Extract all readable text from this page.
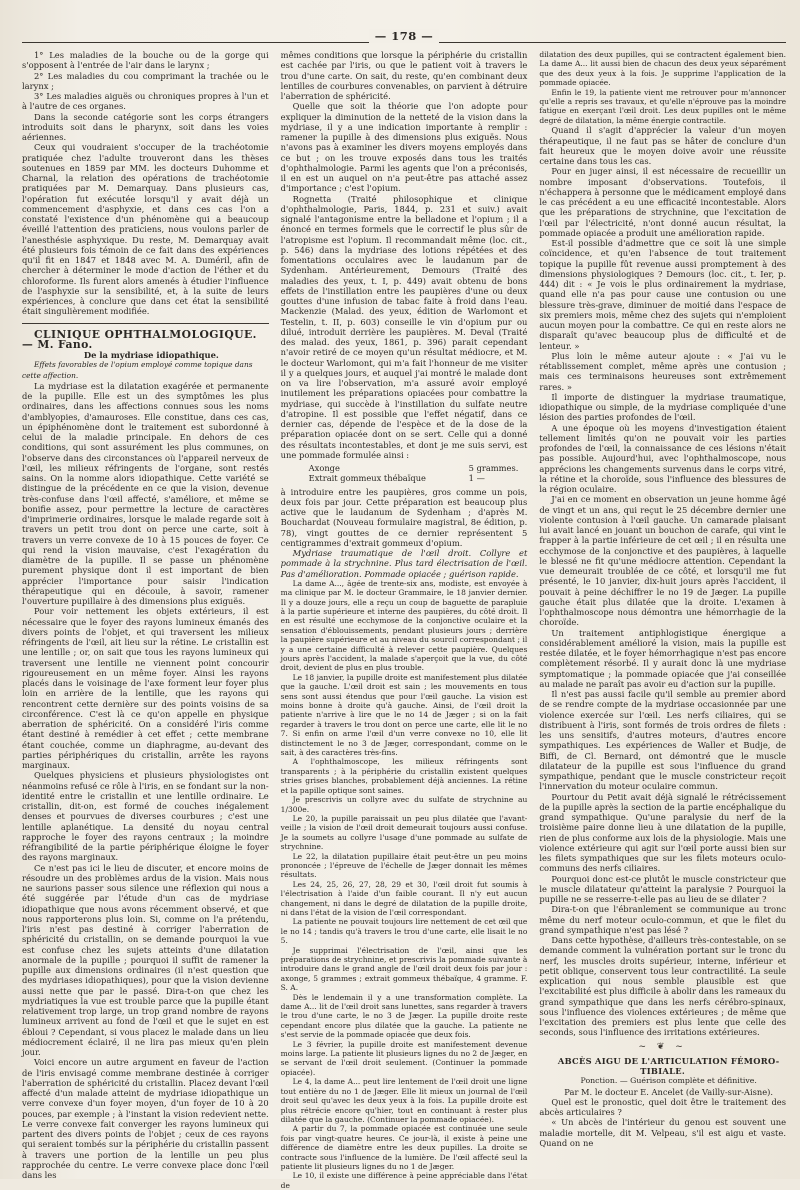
— 178 —

1° Les maladies de la bouche ou de la gorge qui s'opposent à l'entrée de l'air dans le larynx ;

2° Les maladies du cou comprimant la trachée ou le larynx ;

3° Les maladies aiguës ou chroniques propres à l'un et à l'autre de ces organes.

Dans la seconde catégorie sont les corps étrangers introduits soit dans le pharynx, soit dans les voies aériennes.

Ceux qui voudraient s'occuper de la trachéotomie pratiquée chez l'adulte trouveront dans les thèses soutenues en 1859 par MM. les docteurs Duhomme et Charnal, la relation des opérations de trachéotomie pratiquées par M. Demarquay. Dans plusieurs cas, l'opération fut exécutée lorsqu'il y avait déjà un commencement d'asphyxie, et dans ces cas l'on a constaté l'existence d'un phénomène qui a beaucoup éveillé l'attention des praticiens, nous voulons parler de l'anesthésie asphyxique. Du reste, M. Demarquay avait été plusieurs fois témoin de ce fait dans des expériences qu'il fit en 1847 et 1848 avec M. A. Duméril, afin de chercher à déterminer le mode d'action de l'éther et du chloroforme. Ils furent alors amenés à étudier l'influence de l'asphyxie sur la sensibilité, et, à la suite de leurs expériences, à conclure que dans cet état la sensibilité était singulièrement modifiée.

CLINIQUE OPHTHALMOLOGIQUE. — M. Fano.

De la mydriase idiopathique.

Effets favorables de l'opium employé comme topique dans cette affection.

La mydriase est la dilatation exagérée et permanente de la pupille. Elle est un des symptômes les plus ordinaires, dans les affections connues sous les noms d'amblyopies, d'amauroses. Elle constitue, dans ces cas, un épiphénomène dont le traitement est subordonné à celui de la maladie principale. En dehors de ces conditions, qui sont assurément les plus communes, on l'observe dans des circonstances où l'appareil nerveux de l'œil, les milieux réfringents de l'organe, sont restés sains. On la nomme alors idiopathique. Cette variété se distingue de la précédente en ce que la vision, devenue très-confuse dans l'œil affecté, s'améliore, et même se bonifie assez, pour permettre la lecture de caractères d'imprimerie ordinaires, lorsque le malade regarde soit à travers un petit trou dont on perce une carte, soit à travers un verre convexe de 10 à 15 pouces de foyer. Ce qui rend la vision mauvaise, c'est l'exagération du diamètre de la pupille. Il se passe un phénomène purement physique dont il est important de bien apprécier l'importance pour saisir l'indication thérapeutique qui en découle, à savoir, ramener l'ouverture pupillaire à des dimensions plus exiguës.

Pour voir nettement les objets extérieurs, il est nécessaire que le foyer des rayons lumineux émanés des divers points de l'objet, et qui traversent les milieux réfringents de l'œil, ait lieu sur la rétine. Le cristallin est une lentille ; or, on sait que tous les rayons lumineux qui traversent une lentille ne viennent point concourir rigoureusement en un même foyer. Ainsi les rayons placés dans le voisinage de l'axe forment leur foyer plus loin en arrière de la lentille, que les rayons qui rencontrent cette dernière sur des points voisins de sa circonférence. C'est là ce qu'on appelle en physique aberration de sphéricité. On a considéré l'iris comme étant destiné à remédier à cet effet ; cette membrane étant couchée, comme un diaphragme, au-devant des parties périphériques du cristallin, arrête les rayons marginaux.

Quelques physiciens et plusieurs physiologistes ont néanmoins refusé ce rôle à l'iris, en se fondant sur la non-identité entre le cristallin et une lentille ordinaire. Le cristallin, dit-on, est formé de couches inégalement denses et pourvues de diverses courbures ; c'est une lentille aplanétique. La densité du noyau central rapproche le foyer des rayons centraux ; la moindre réfrangibilité de la partie périphérique éloigne le foyer des rayons marginaux.

Ce n'est pas ici le lieu de discuter, et encore moins de résoudre un des problèmes ardus de la vision. Mais nous ne saurions passer sous silence une réflexion qui nous a été suggérée par l'étude d'un cas de mydriase idiopathique que nous avons récemment observé, et que nous rapporterons plus loin. Si, comme on l'a prétendu, l'iris n'est pas destiné à corriger l'aberration de sphéricité du cristallin, on se demande pourquoi la vue est confuse chez les sujets atteints d'une dilatation anormale de la pupille ; pourquoi il suffit de ramener la pupille aux dimensions ordinaires (il n'est question que des mydriases idiopathiques), pour que la vision devienne aussi nette que par le passé. Dira-t-on que chez les mydriatiques la vue est trouble parce que la pupille étant relativement trop large, un trop grand nombre de rayons lumineux arrivent au fond de l'œil et que le sujet en est ébloui ? Cependant, si vous placez le malade dans un lieu médiocrement éclairé, il ne lira pas mieux qu'en plein jour.

Voici encore un autre argument en faveur de l'action de l'iris envisagé comme membrane destinée à corriger l'aberration de sphéricité du cristallin. Placez devant l'œil affecté d'un malade atteint de mydriase idiopathique un verre convexe d'un foyer moyen, d'un foyer de 10 à 20 pouces, par exemple ; à l'instant la vision redevient nette. Le verre convexe fait converger les rayons lumineux qui partent des divers points de l'objet ; ceux de ces rayons qui seraient tombés sur la périphérie du cristallin passent à travers une portion de la lentille un peu plus rapprochée du centre. Le verre convexe place donc l'œil dans les

mêmes conditions que lorsque la périphérie du cristallin est cachée par l'iris, ou que le patient voit à travers le trou d'une carte. On sait, du reste, qu'en combinant deux lentilles de courbures convenables, on parvient à détruire l'aberration de sphéricité.

Quelle que soit la théorie que l'on adopte pour expliquer la diminution de la netteté de la vision dans la mydriase, il y a une indication importante à remplir : ramener la pupille à des dimensions plus exiguës. Nous n'avons pas à examiner les divers moyens employés dans ce but ; on les trouve exposés dans tous les traités d'ophthalmologie. Parmi les agents que l'on a préconisés, il en est un auquel on n'a peut-être pas attaché assez d'importance ; c'est l'opium.

Rognetta (Traité philosophique et clinique d'ophthalmologie, Paris, 1844, p. 231 et suiv.) avait signalé l'antagonisme entre la belladone et l'opium ; il a énoncé en termes formels que le correctif le plus sûr de l'atropisme est l'opium. Il recommandait même (loc. cit., p. 546) dans la mydriase des lotions répétées et des fomentations occulaires avec le laudanum par de Sydenham. Antérieurement, Demours (Traité des maladies des yeux, t. I, p. 449) avait obtenu de bons effets de l'instillation entre les paupières d'une ou deux gouttes d'une infusion de tabac faite à froid dans l'eau. Mackenzie (Malad. des yeux, édition de Warlomont et Testelin, t. II, p. 603) conseille le vin d'opium pur ou dilué, introduit derrière les paupières. M. Deval (Traité des malad. des yeux, 1861, p. 396) parait cependant n'avoir retiré de ce moyen qu'un résultat médiocre, et M. le docteur Warlomont, qui m'a fait l'honneur de me visiter il y a quelques jours, et auquel j'ai montré le malade dont on va lire l'observation, m'a assuré avoir employé inutilement les préparations opiacées pour combattre la mydriase, qui succède à l'instillation du sulfate neutre d'atropine. Il est possible que l'effet négatif, dans ce dernier cas, dépende de l'espèce et de la dose de la préparation opiacée dont on se sert. Celle qui a donné des résultats incontestables, et dont je me suis servi, est une pommade formulée ainsi :

Axonge	5 grammes.
Extrait gommeux thébaïque	1 —

à introduire entre les paupières, gros comme un pois, deux fois par jour. Cette préparation est beaucoup plus active que le laudanum de Sydenham ; d'après M. Bouchardat (Nouveau formulaire magistral, 8e édition, p. 78), vingt gouttes de ce dernier représentent 5 centigrammes d'extrait gommeux d'opium.

Mydriase traumatique de l'œil droit. Collyre et pommade à la strychnine. Plus tard électrisation de l'œil. Pas d'amélioration. Pommade opiacée ; guérison rapide.

La dame A..., âgée de trente-six ans, modiste, est envoyée à ma clinique par M. le docteur Grammaire, le 18 janvier dernier. Il y a douze jours, elle a reçu un coup de baguette de parapluie à la partie supérieure et interne des paupières, du côté droit. Il en est résulté une ecchymose de la conjonctive oculaire et la sensation d'éblouissements, pendant plusieurs jours ; derrière la paupière supérieure et au niveau du sourcil correspondant ; il y a une certaine difficulté à relever cette paupière. Quelques jours après l'accident, la malade s'aperçoit que la vue, du côté droit, devient de plus en plus trouble.

Le 18 janvier, la pupille droite est manifestement plus dilatée que la gauche. L'œil droit est sain ; les mouvements en tous sens sont aussi étendus que pour l'œil gauche. La vision est moins bonne à droite qu'à gauche. Ainsi, de l'œil droit la patiente n'arrive à lire que le no 14 de Jæger ; si on la fait regarder à travers le trou dont on perce une carte, elle lit le no 7. Si enfin on arme l'œil d'un verre convexe no 10, elle lit distinctement le no 3 de Jæger, correspondant, comme on le sait, à des caractères très-fins.

A l'ophthalmoscope, les milieux réfringents sont transparents ; à la périphérie du cristallin existent quelques stries grises blanches, probablement déjà anciennes. La rétine et la papille optique sont saines.

Je prescrivis un collyre avec du sulfate de strychnine au 1/300e.

Le 20, la pupille paraissait un peu plus dilatée que l'avant-veille ; la vision de l'œil droit demeurait toujours aussi confuse. Je la soumets au collyre l'usage d'une pommade au sulfate de strychnine.

Le 22, la dilatation pupillaire était peut-être un peu moins prononcée ; l'épreuve de l'échelle de Jæger donnait les mêmes résultats.

Les 24, 25, 26, 27, 28, 29 et 30, l'œil droit fut soumis à l'électrisation à l'aide d'un faible courant. Il n'y eut aucun changement, ni dans le degré de dilatation de la pupille droite, ni dans l'état de la vision de l'œil correspondant.

La patiente ne pouvait toujours lire nettement de cet œil que le no 14 ; tandis qu'à travers le trou d'une carte, elle lisait le no 5.

Je supprimai l'électrisation de l'œil, ainsi que les préparations de strychnine, et prescrivis la pommade suivante à introduire dans le grand angle de l'œil droit deux fois par jour : axonge, 5 grammes ; extrait gommeux thébaïque, 4 gramme. F. S. A.

Dès le lendemain il y a une transformation complète. La dame A... lit de l'œil droit sans lunettes, sans regarder à travers le trou d'une carte, le no 3 de Jæger. La pupille droite reste cependant encore plus dilatée que la gauche. La patiente ne s'est servie de la pommade opiacée que deux fois.

Le 3 février, la pupille droite est manifestement devenue moins large. La patiente lit plusieurs lignes du no 2 de Jæger, en se servant de l'œil droit seulement. (Continuer la pommade opiacée).

Le 4, la dame A... peut lire lentement de l'œil droit une ligne tout entière du no 1 de Jæger. Elle lit mieux un journal de l'œil droit seul qu'avec les deux yeux à la fois. La pupille droite est plus rétrécie encore qu'hier, tout en continuant à rester plus dilatée que la gauche. (Continuer la pommade opiacée).

A partir du 7, la pommade opiacée est continuée une seule fois par vingt-quatre heures. Ce jour-là, il existe à peine une différence de diamètre entre les deux pupilles. La droite se contracte sous l'influence de la lumière. De l'œil affecté seul la patiente lit plusieurs lignes du no 1 de Jæger.

Le 10, il existe une différence à peine appréciable dans l'état de

dilatation des deux pupilles, qui se contractent également bien. La dame A... lit aussi bien de chacun des deux yeux séparément que des deux yeux à la fois. Je supprime l'application de la pommade opiacée.

Enfin le 19, la patiente vient me retrouver pour m'annoncer qu'elle a repris ses travaux, et qu'elle n'éprouve pas la moindre fatigue en exerçant l'œil droit. Les deux pupilles ont le même degré de dilatation, la même énergie contractile.

Quand il s'agit d'apprécier la valeur d'un moyen thérapeutique, il ne faut pas se hâter de conclure d'un fait heureux que le moyen doive avoir une réussite certaine dans tous les cas.

Pour en juger ainsi, il est nécessaire de recueillir un nombre imposant d'observations. Toutefois, il n'échappera à personne que le médicament employé dans le cas précédent a eu une efficacité incontestable. Alors que les préparations de strychnine, que l'excitation de l'œil par l'électricité, n'ont donné aucun résultat, la pommade opiacée a produit une amélioration rapide.

Est-il possible d'admettre que ce soit là une simple coïncidence, et qu'en l'absence de tout traitement topique la pupille fût revenue aussi promptement à des dimensions physiologiques ? Demours (loc. cit., t. Ier, p. 444) dit : « Je vois le plus ordinairement la mydriase, quand elle n'a pas pour cause une contusion ou une blessure très-grave, diminuer de moitié dans l'espace de six premiers mois, même chez des sujets qui n'emploient aucun moyen pour la combattre. Ce qui en reste alors ne disparaît qu'avec beaucoup plus de difficulté et de lenteur. »

Plus loin le même auteur ajoute : « J'ai vu le rétablissement complet, même après une contusion ; mais ces terminaisons heureuses sont extrêmement rares. »

Il importe de distinguer la mydriase traumatique, idiopathique ou simple, de la mydriase compliquée d'une lésion des parties profondes de l'œil.

A une époque où les moyens d'investigation étaient tellement limités qu'on ne pouvait voir les parties profondes de l'œil, la connaissance de ces lésions n'était pas possible. Aujourd'hui, avec l'ophthalmoscope, nous apprécions les changements survenus dans le corps vitré, la rétine et la choroïde, sous l'influence des blessures de la région oculaire.

J'ai en ce moment en observation un jeune homme âgé de vingt et un ans, qui reçut le 25 décembre dernier une violente contusion à l'œil gauche. Un camarade plaisant lui avait lancé en jouant un bouchon de carafe, qui vint le frapper à la partie inférieure de cet œil ; il en résulta une ecchymose de la conjonctive et des paupières, à laquelle le blessé ne fit qu'une médiocre attention. Cependant la vue demeurait troublée de ce côté, et lorsqu'il me fut présenté, le 10 janvier, dix-huit jours après l'accident, il pouvait à peine déchiffrer le no 19 de Jæger. La pupille gauche était plus dilatée que la droite. L'examen à l'ophthalmoscope nous démontra une hémorrhagie de la choroïde.

Un traitement antiphlogistique énergique a considérablement amélioré la vision, mais la pupille est restée dilatée, et le foyer hémorrhagique n'est pas encore complètement résorbé. Il y aurait donc là une mydriase symptomatique ; la pommade opiacée que j'ai conseillée au malade ne paraît pas avoir eu d'action sur la pupille.

Il n'est pas aussi facile qu'il semble au premier abord de se rendre compte de la mydriase occasionnée par une violence exercée sur l'œil. Les nerfs ciliaires, qui se distribuent à l'iris, sont formés de trois ordres de filets : les uns sensitifs, d'autres moteurs, d'autres encore sympathiques. Les expériences de Waller et Budje, de Biffi, de Cl. Bernard, ont démontré que le muscle dilatateur de la pupille est sous l'influence du grand sympathique, pendant que le muscle constricteur reçoit l'innervation du moteur oculaire commun.

Pourtour du Petit avait déjà signalé le rétrécissement de la pupille après la section de la partie encéphalique du grand sympathique. Qu'une paralysie du nerf de la troisième paire donne lieu à une dilatation de la pupille, rien de plus conforme aux lois de la physiologie. Mais une violence extérieure qui agit sur l'œil porte aussi bien sur les filets sympathiques que sur les filets moteurs oculo-communs des nerfs ciliaires.

Pourquoi donc est-ce plutôt le muscle constricteur que le muscle dilatateur qu'atteint la paralysie ? Pourquoi la pupille ne se resserre-t-elle pas au lieu de se dilater ?

Dira-t-on que l'ébranlement se communique au tronc même du nerf moteur oculo-commun, et que le filet du grand sympathique n'est pas lésé ?

Dans cette hypothèse, d'ailleurs très-contestable, on se demande comment la vulnération portant sur le tronc du nerf, les muscles droits supérieur, interne, inférieur et petit oblique, conservent tous leur contractilité. La seule explication qui nous semble plausible est que l'excitabilité est plus difficile à abolir dans les rameaux du grand sympathique que dans les nerfs cérébro-spinaux, sous l'influence des violences extérieures ; de même que l'excitation des premiers est plus lente que celle des seconds, sous l'influence des irritations extérieures.

~ ❦ ~

ABCÈS AIGU DE L'ARTICULATION FÉMORO-TIBIALE.

Ponction. — Guérison complète et définitive.

Par M. le docteur E. Ancelet (de Vailly-sur-Aisne).

Quel est le pronostic, quel doit être le traitement des abcès articulaires ?

« Un abcès de l'intérieur du genou est souvent une maladie mortelle, dit M. Velpeau, s'il est aigu et vaste. Quand on ne
